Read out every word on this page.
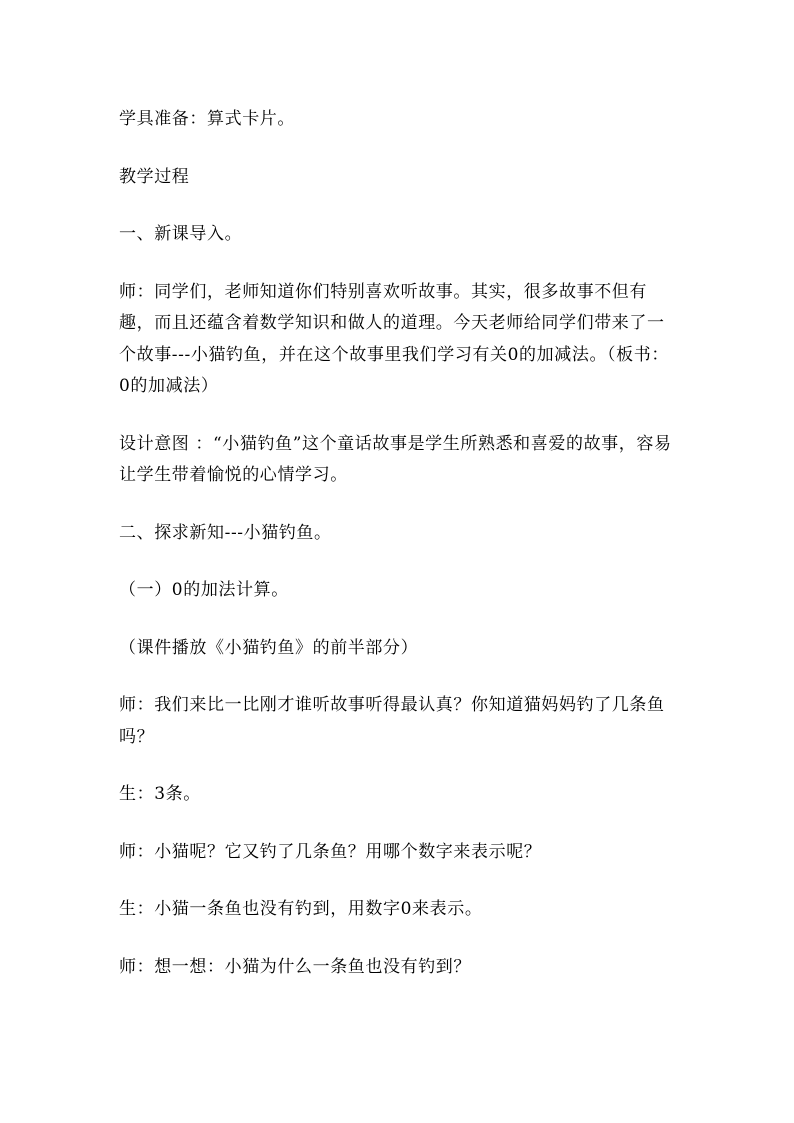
学具准备：算式卡片。

教学过程

一、新课导入。

师：同学们，老师知道你们特别喜欢听故事。其实，很多故事不但有趣，而且还蕴含着数学知识和做人的道理。今天老师给同学们带来了一个故事---小猫钓鱼，并在这个故事里我们学习有关0的加减法。（板书：0的加减法）

设计意图 ：“小猫钓鱼”这个童话故事是学生所熟悉和喜爱的故事，容易让学生带着愉悦的心情学习。

二、探求新知---小猫钓鱼。

（一）0的加法计算。

（课件播放《小猫钓鱼》的前半部分）

师：我们来比一比刚才谁听故事听得最认真？你知道猫妈妈钓了几条鱼吗？

生：3条。

师：小猫呢？它又钓了几条鱼？用哪个数字来表示呢？

生：小猫一条鱼也没有钓到，用数字0来表示。

师：想一想：小猫为什么一条鱼也没有钓到？
